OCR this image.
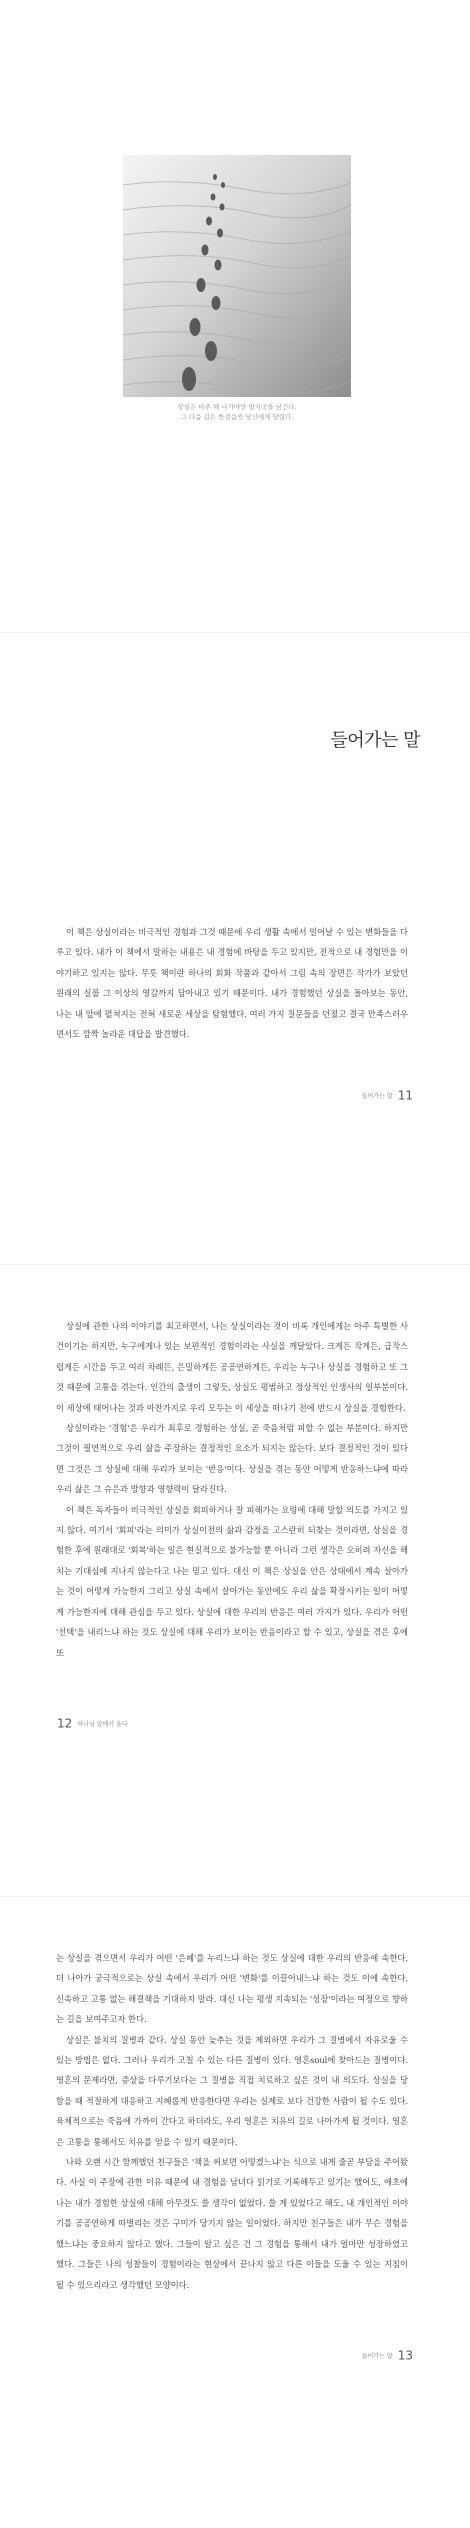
상실은 마주 해 나가야만 발자국을 남긴다.
그 다음 길은 한걸음씩 당신에게 달렸다.
들어가는 말

이 책은 상실이라는 비극적인 경험과 그것 때문에 우리 생활 속에서 일어날 수 있는 변화들을 다루고 있다. 내가 이 책에서 말하는 내용은 내 경험에 바탕을 두고 있지만, 전적으로 내 경험만을 이야기하고 있지는 않다. 무릇 책이란 하나의 회화 작품과 같아서 그림 속의 장면은 작가가 보았던 원래의 실물 그 이상의 영감까지 담아내고 있기 때문이다. 내가 경험했던 상실을 돌아보는 동안, 나는 내 앞에 펼쳐지는 전혀 새로운 세상을 탐험했다. 여러 가지 질문들을 던졌고 결국 만족스러우면서도 깜짝 놀라운 대답을 발견했다.

들어가는 말 11

상실에 관한 나의 이야기를 최고하면서, 나는 상실이라는 것이 비록 개인에게는 아주 특별한 사건이기는 하지만, 누구에게나 있는 보편적인 경험이라는 사실을 깨달았다. 크게든 작게든, 급작스럽게든 시간을 두고 여러 차례든, 은밀하게든 공공연하게든, 우리는 누구나 상실을 경험하고 또 그것 때문에 고통을 겪는다. 인간의 출생이 그렇듯, 상실도 평범하고 정상적인 인생사의 일부분이다. 이 세상에 태어나는 것과 마찬가지로 우리 모두는 이 세상을 떠나기 전에 반드시 상실을 경험한다.

상실이라는 '경험'은 우리가 최후로 경험하는 상실, 곧 죽음처럼 피할 수 없는 부분이다. 하지만 그것이 필연적으로 우리 삶을 주장하는 결정적인 요소가 되지는 않는다. 보다 결정적인 것이 있다면 그것은 그 상실에 대해 우리가 보이는 '반응'이다. 상실을 겪는 동안 어떻게 반응하느냐에 따라 우리 삶은 그 슈은과 방향과 영향력이 달라진다.

이 책은 독자들이 비극적인 상실을 회피하거나 잘 피해가는 요령에 대해 말할 의도를 가지고 있지 않다. 여기서 '회피'라는 의미가 상실이전의 삶과 감정을 고스란히 되찾는 것이라면, 상실을 경험한 후에 원래대로 '회복'하는 일은 현실적으로 불가능할 뿐 아니라 그런 생각은 오히려 자신을 해치는 기대심에 지나지 않는다고 나는 믿고 있다. 대신 이 책은 상실을 안은 상태에서 계속 살아가는 것이 어떻게 가능한지 그리고 상실 속에서 살아가는 동안에도 우리 삶을 확장시키는 일이 어떻게 가능한지에 대해 관심을 두고 있다. 상실에 대한 우리의 반응은 여러 가지가 있다. 우리가 어떤 '선택'을 내리느냐 하는 것도 상실에 대해 우리가 보이는 반응이라고 할 수 있고, 상실을 겪은 후에 또

12 하나님 앞에서 울다

는 상실을 겪으면서 우리가 어떤 '은혜'를 누리느냐 하는 것도 상실에 대한 우리의 반응에 속한다. 더 나아가 궁극적으로는 상실 속에서 우리가 어떤 '변화'를 이끌어내느냐 하는 것도 이에 속한다. 신속하고 고통 없는 해결책을 기대하지 말라. 대신 나는 평생 지속되는 '성장'이라는 여정으로 향하는 길을 보여주고자 한다.

상실은 불치의 질병과 같다. 상실 동안 늦추는 것을 제외하면 우리가 그 질병에서 자유로울 수 있는 방법은 없다. 그러나 우리가 고칠 수 있는 다른 질병이 있다. 영혼soul에 찾아드는 질병이다. 영혼의 문제라면, 증상을 다루기보다는 그 질병을 직접 치료하고 싶은 것이 내 의도다. 상실을 당함을 때 적절하게 대응하고 지혜롭게 반응한다면 우리는 실제로 보다 건강한 사람이 될 수도 있다. 육체적으로는 죽음에 가까이 간다고 하더라도, 우리 영혼은 치유의 길로 나아가게 될 것이다. 영혼은 고통을 통해서도 치유를 얻을 수 있기 때문이다.

나와 오랜 시간 함께했던 친구들은 '책을 써보면 어떻겠느냐'는 식으로 내게 줄곧 부담을 주어왔다. 사실 이 주장에 관한 이유 때문에 내 경험을 남녀다 읽기로 기록해두고 있기는 했어도, 애초에 나는 내가 경험한 상실에 대해 아무것도 쓸 생각이 없었다. 쓸 게 있었다고 해도, 내 개인적인 이야기를 공공연하게 떠벌리는 것은 구미가 당기지 않는 일이었다. 하지만 친구들은 내가 무슨 경험을 했느냐는 중요하지 않다고 했다. 그들이 알고 싶은 건 그 경험을 통해서 내가 얼마만 성장하였고 했다. 그들은 나의 성찰들이 경험이라는 현상에서 끝나지 않고 다른 이들을 도울 수 있는 지침이 될 수 있으리라고 생각했던 모양이다.

들어가는 말 13
